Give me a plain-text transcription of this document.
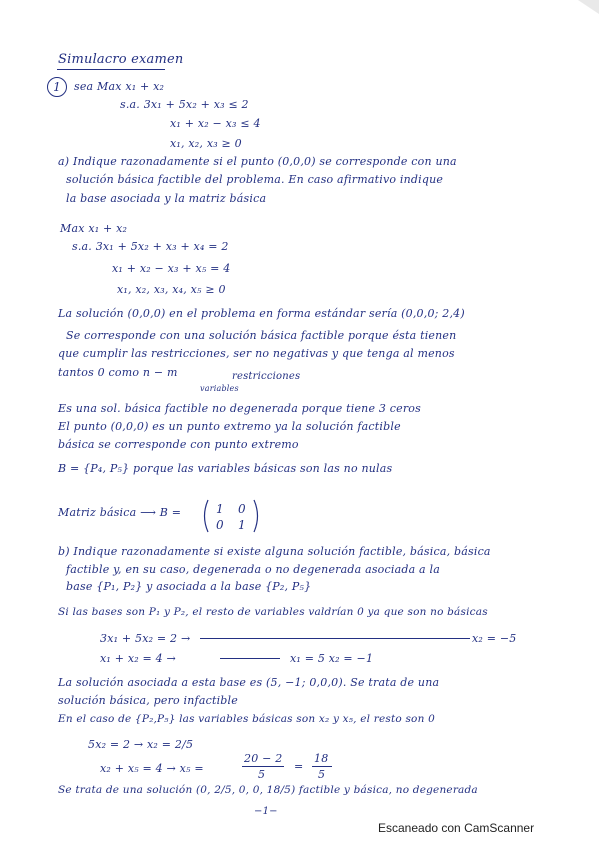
Simulacro examen
1	sea Max x₁ + x₂
s.a. 3x₁ + 5x₂ + x₃ ≤ 2
x₁ + x₂ − x₃ ≤ 4
x₁, x₂, x₃ ≥ 0
a) Indique razonadamente si el punto (0,0,0) se corresponde con una
solución básica factible del problema. En caso afirmativo indique
la base asociada y la matriz básica
Max x₁ + x₂
s.a. 3x₁ + 5x₂ + x₃ + x₄ = 2
x₁ + x₂ − x₃ + x₅ = 4
x₁, x₂, x₃, x₄, x₅ ≥ 0
La solución (0,0,0) en el problema en forma estándar sería (0,0,0; 2,4)
Se corresponde con una solución básica factible porque ésta tienen
que cumplir las restricciones, ser no negativas y que tenga al menos
tantos 0 como n − m	restricciones
variables
Es una sol. básica factible no degenerada porque tiene 3 ceros
El punto (0,0,0) es un punto extremo ya la solución factible
básica se corresponde con punto extremo
B = {P₄, P₅} porque las variables básicas son las no nulas
Matriz básica ⟶ B =	1 0
0 1
b) Indique razonadamente si existe alguna solución factible, básica, básica
factible y, en su caso, degenerada o no degenerada asociada a la
base {P₁, P₂} y asociada a la base {P₂, P₅}
Si las bases son P₁ y P₂, el resto de variables valdrían 0 ya que son no básicas
3x₁ + 5x₂ = 2 →	x₂ = −5
x₁ + x₂ = 4 →	x₁ = 5 x₂ = −1
La solución asociada a esta base es (5, −1; 0,0,0). Se trata de una
solución básica, pero infactible
En el caso de {P₂,P₅} las variables básicas son x₂ y x₅, el resto son 0
5x₂ = 2 → x₂ = 2/5
x₂ + x₅ = 4 → x₅ =
20 − 2
5
=
18
5
Se trata de una solución (0, 2/5, 0, 0, 18/5) factible y básica, no degenerada
−1−
Escaneado con CamScanner
